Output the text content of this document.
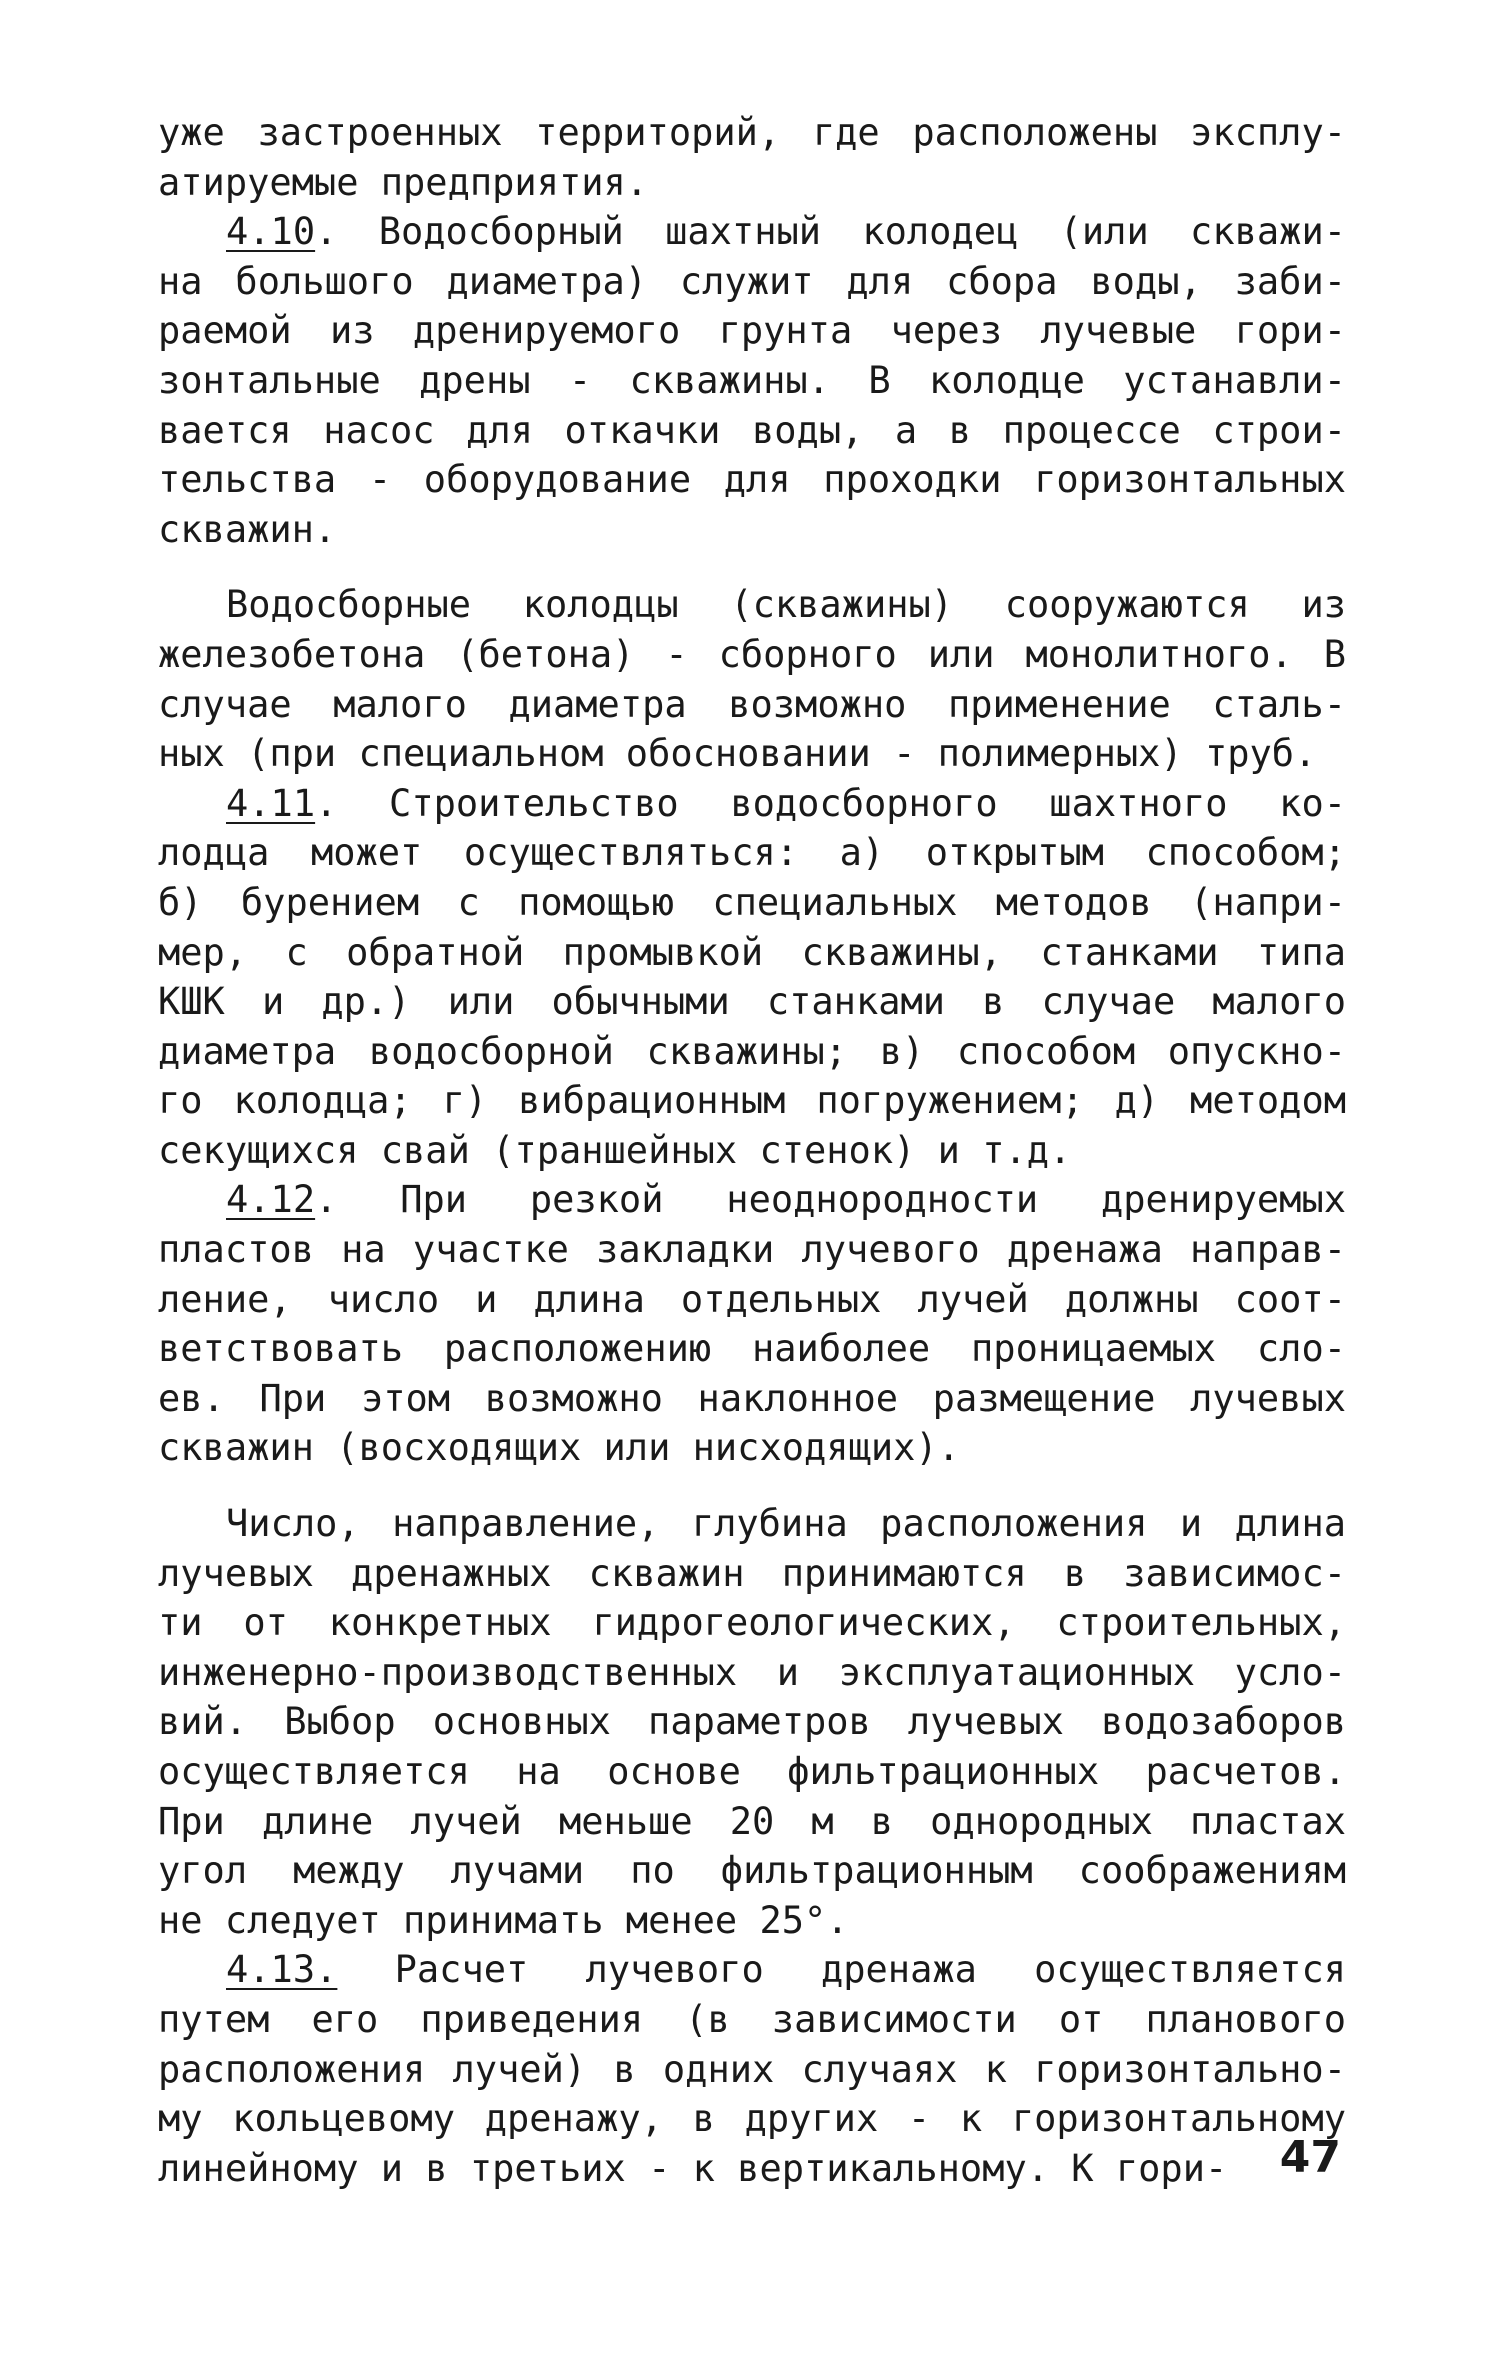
уже застроенных территорий, где расположены эксплу-
атируемые предприятия.
4.10. Водосборный шахтный колодец (или скважи-
на большого диаметра) служит для сбора воды, заби-
раемой из дренируемого грунта через лучевые гори-
зонтальные дрены - скважины. В колодце устанавли-
вается насос для откачки воды, а в процессе строи-
тельства - оборудование для проходки горизонтальных
скважин.
Водосборные колодцы (скважины) сооружаются из
железобетона (бетона) - сборного или монолитного. В
случае малого диаметра возможно применение сталь-
ных (при специальном обосновании - полимерных) труб.
4.11. Строительство водосборного шахтного ко-
лодца может осуществляться: а) открытым способом;
б) бурением с помощью специальных методов (напри-
мер, с обратной промывкой скважины, станками типа
КШК и др.) или обычными станками в случае малого
диаметра водосборной скважины; в) способом опускно-
го колодца; г) вибрационным погружением; д) методом
секущихся свай (траншейных стенок) и т.д.
4.12. При резкой неоднородности дренируемых
пластов на участке закладки лучевого дренажа направ-
ление, число и длина отдельных лучей должны соот-
ветствовать расположению наиболее проницаемых сло-
ев. При этом возможно наклонное размещение лучевых
скважин (восходящих или нисходящих).
Число, направление, глубина расположения и длина
лучевых дренажных скважин принимаются в зависимос-
ти от конкретных гидрогеологических, строительных,
инженерно-производственных и эксплуатационных усло-
вий. Выбор основных параметров лучевых водозаборов
осуществляется на основе фильтрационных расчетов.
При длине лучей меньше 20 м в однородных пластах
угол между лучами по фильтрационным соображениям
не следует принимать менее 25°.
4.13. Расчет лучевого дренажа осуществляется
путем его приведения (в зависимости от планового
расположения лучей) в одних случаях к горизонтально-
му кольцевому дренажу, в других - к горизонтальному
линейному и в третьих - к вертикальному. К гори-	47
